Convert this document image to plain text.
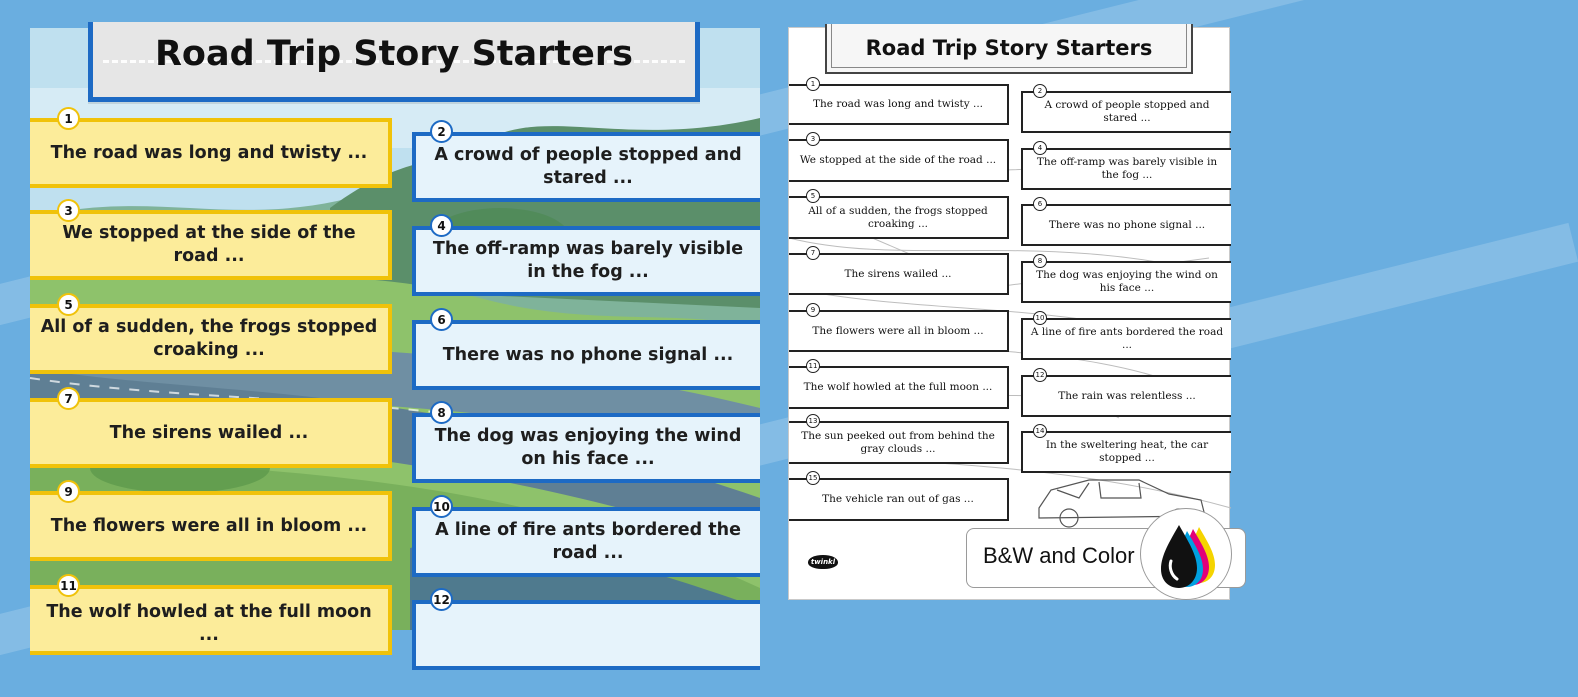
Road Trip Story Starters
1
The road was long and twisty ...
3
We stopped at the side of the road ...
5
All of a sudden, the frogs stopped croaking ...
7
The sirens wailed ...
9
The flowers were all in bloom ...
11
The wolf howled at the full moon ...
2
A crowd of people stopped and stared ...
4
The off-ramp was barely visible in the fog ...
6
There was no phone signal ...
8
The dog was enjoying the wind on his face ...
10
A line of fire ants bordered the road ...
12
Road Trip Story Starters
1
The road was long and twisty ...
3
We stopped at the side of the road ...
5
All of a sudden, the frogs stopped croaking ...
7
The sirens wailed ...
9
The flowers were all in bloom ...
11
The wolf howled at the full moon ...
13
The sun peeked out from behind the gray clouds ...
15
The vehicle ran out of gas ...
2
A crowd of people stopped and stared ...
4
The off-ramp was barely visible in the fog ...
6
There was no phone signal ...
8
The dog was enjoying the wind on his face ...
10
A line of fire ants bordered the road ...
12
The rain was relentless ...
14
In the sweltering heat, the car stopped ...
twinkl	B&W and Color
